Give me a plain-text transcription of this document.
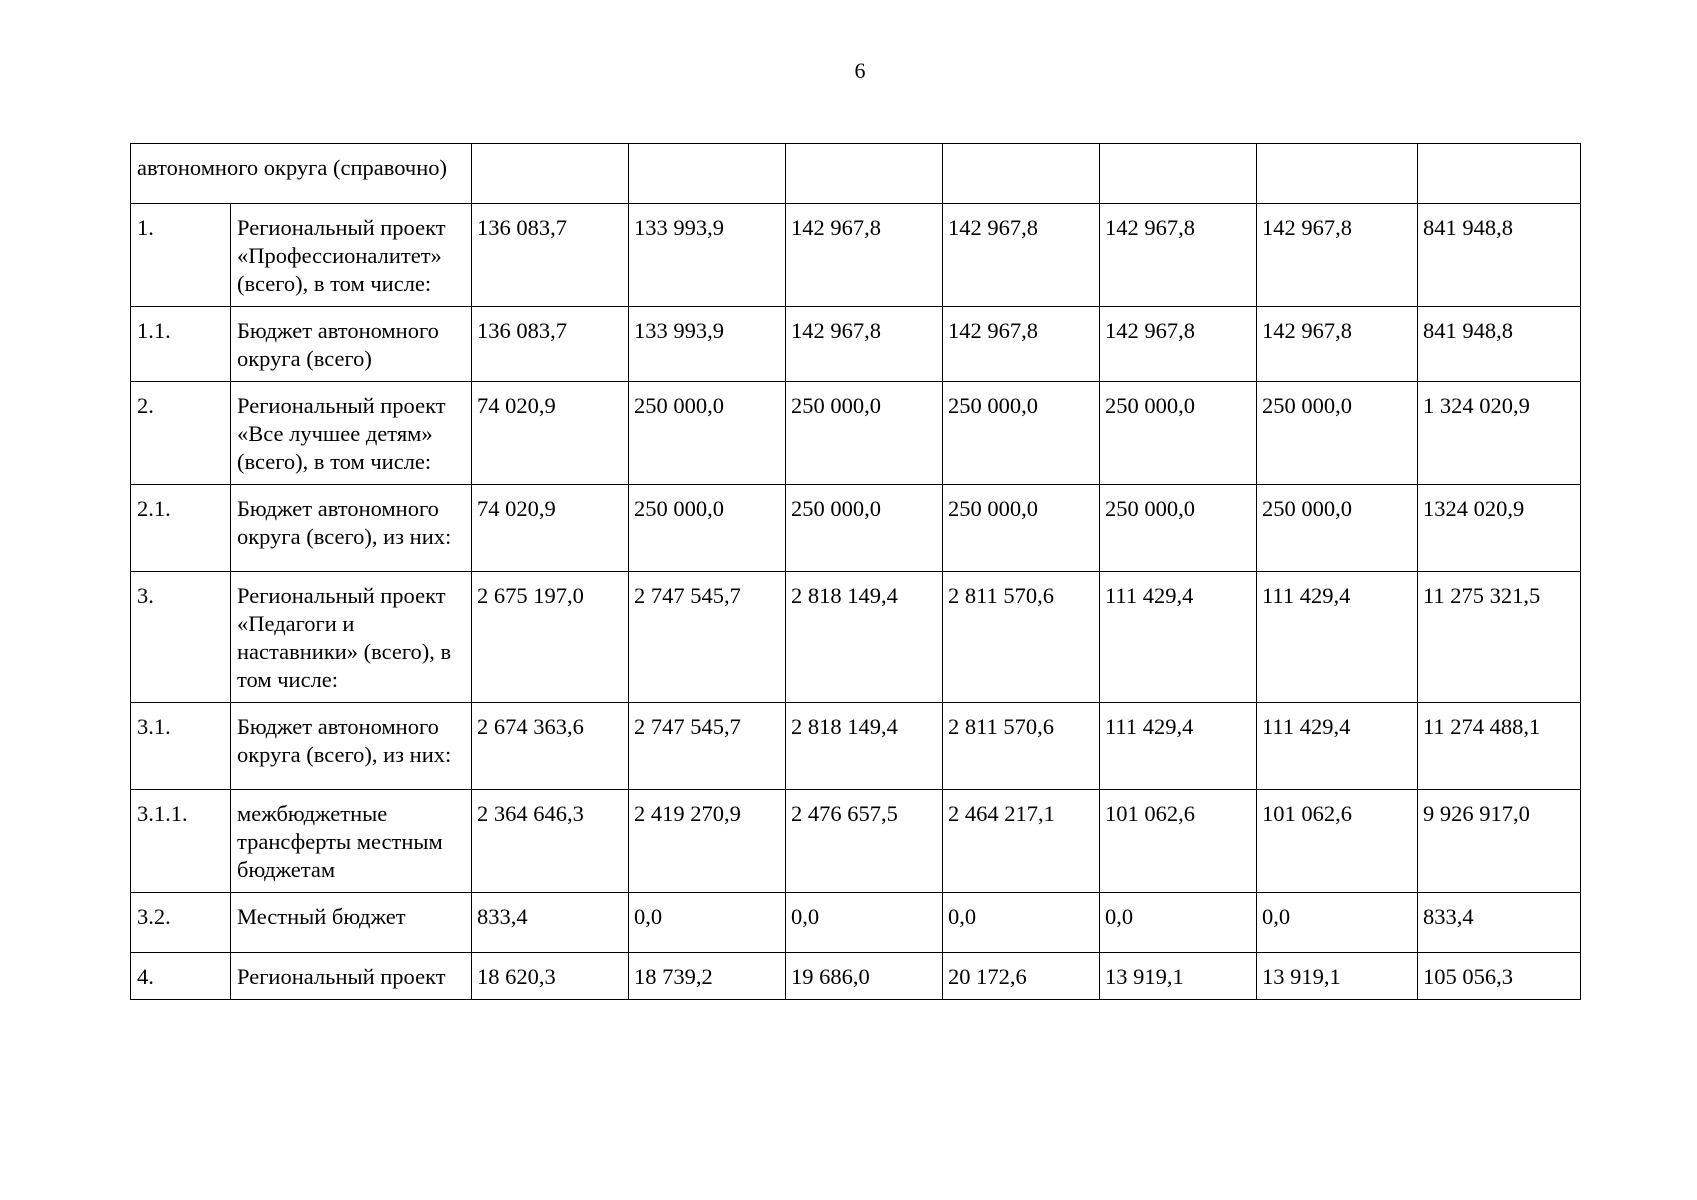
6
автономного округа (справочно)								
1.	Региональный проект «Профессионалитет» (всего), в том числе:	136 083,7	133 993,9	142 967,8	142 967,8	142 967,8	142 967,8	841 948,8
1.1.	Бюджет автономного округа (всего)	136 083,7	133 993,9	142 967,8	142 967,8	142 967,8	142 967,8	841 948,8
2.	Региональный проект «Все лучшее детям» (всего), в том числе:	74 020,9	250 000,0	250 000,0	250 000,0	250 000,0	250 000,0	1 324 020,9
2.1.	Бюджет автономного округа (всего), из них:	74 020,9	250 000,0	250 000,0	250 000,0	250 000,0	250 000,0	1324 020,9
3.	Региональный проект «Педагоги и наставники» (всего), в том числе:	2 675 197,0	2 747 545,7	2 818 149,4	2 811 570,6	111 429,4	111 429,4	11 275 321,5
3.1.	Бюджет автономного округа (всего), из них:	2 674 363,6	2 747 545,7	2 818 149,4	2 811 570,6	111 429,4	111 429,4	11 274 488,1
3.1.1.	межбюджетные трансферты местным бюджетам	2 364 646,3	2 419 270,9	2 476 657,5	2 464 217,1	101 062,6	101 062,6	9 926 917,0
3.2.	Местный бюджет	833,4	0,0	0,0	0,0	0,0	0,0	833,4
4.	Региональный проект	18 620,3	18 739,2	19 686,0	20 172,6	13 919,1	13 919,1	105 056,3
